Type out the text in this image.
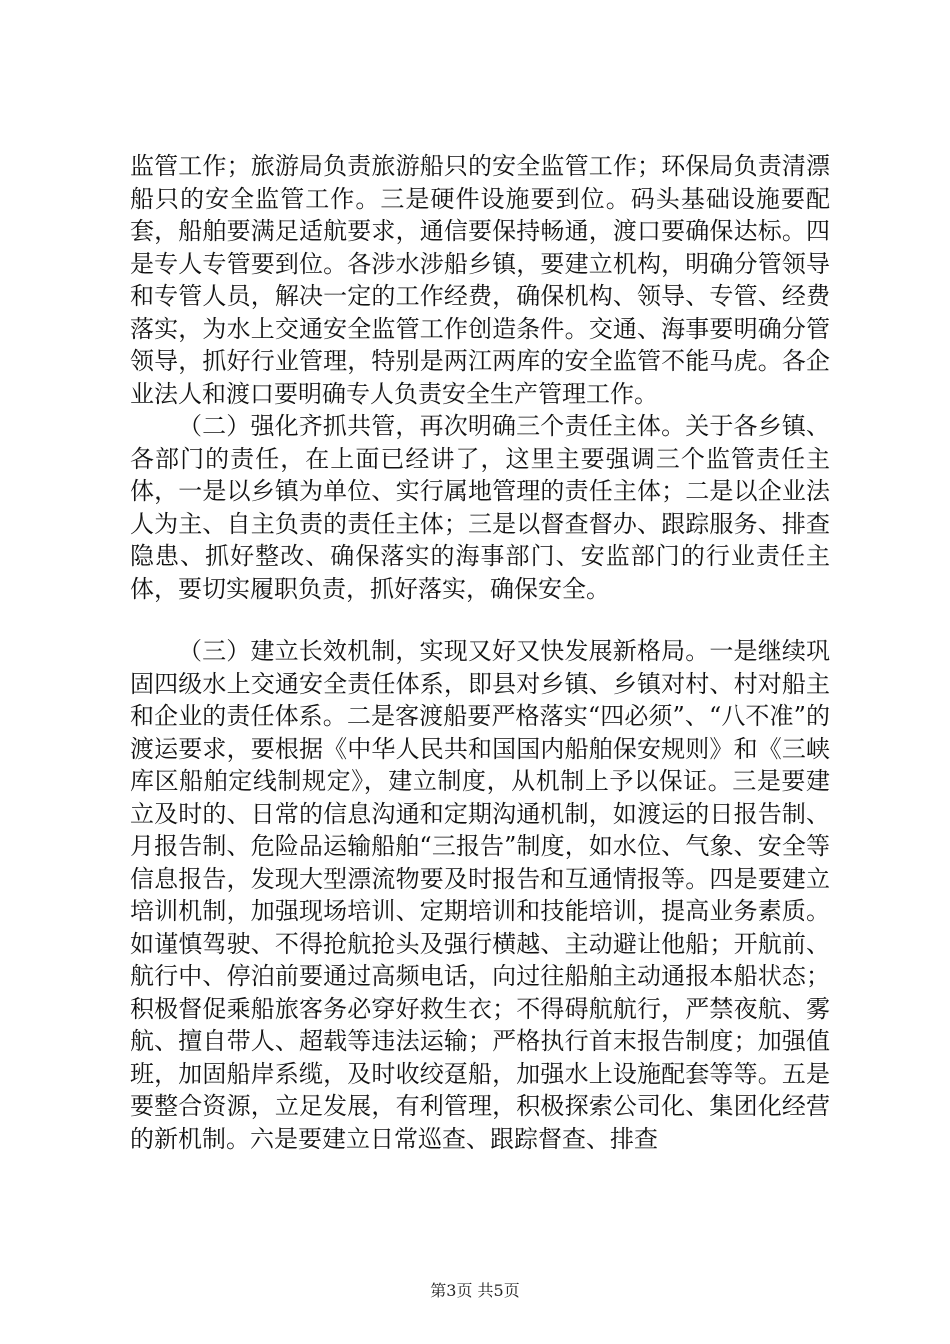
监管工作；旅游局负责旅游船只的安全监管工作；环保局负责清漂船只的安全监管工作。三是硬件设施要到位。码头基础设施要配套，船舶要满足适航要求，通信要保持畅通，渡口要确保达标。四是专人专管要到位。各涉水涉船乡镇，要建立机构，明确分管领导和专管人员，解决一定的工作经费，确保机构、领导、专管、经费落实，为水上交通安全监管工作创造条件。交通、海事要明确分管领导，抓好行业管理，特别是两江两库的安全监管不能马虎。各企业法人和渡口要明确专人负责安全生产管理工作。

（二）强化齐抓共管，再次明确三个责任主体。关于各乡镇、各部门的责任，在上面已经讲了，这里主要强调三个监管责任主体，一是以乡镇为单位、实行属地管理的责任主体；二是以企业法人为主、自主负责的责任主体；三是以督查督办、跟踪服务、排查隐患、抓好整改、确保落实的海事部门、安监部门的行业责任主体，要切实履职负责，抓好落实，确保安全。

（三）建立长效机制，实现又好又快发展新格局。一是继续巩固四级水上交通安全责任体系，即县对乡镇、乡镇对村、村对船主和企业的责任体系。二是客渡船要严格落实“四必须”、“八不准”的渡运要求，要根据《中华人民共和国国内船舶保安规则》和《三峡库区船舶定线制规定》，建立制度，从机制上予以保证。三是要建立及时的、日常的信息沟通和定期沟通机制，如渡运的日报告制、月报告制、危险品运输船舶“三报告”制度，如水位、气象、安全等信息报告，发现大型漂流物要及时报告和互通情报等。四是要建立培训机制，加强现场培训、定期培训和技能培训，提高业务素质。如谨慎驾驶、不得抢航抢头及强行横越、主动避让他船；开航前、航行中、停泊前要通过高频电话，向过往船舶主动通报本船状态；积极督促乘船旅客务必穿好救生衣；不得碍航航行，严禁夜航、雾航、擅自带人、超载等违法运输；严格执行首末报告制度；加强值班，加固船岸系缆，及时收绞趸船，加强水上设施配套等等。五是要整合资源，立足发展，有利管理，积极探索公司化、集团化经营的新机制。六是要建立日常巡查、跟踪督查、排查

第3页 共5页
